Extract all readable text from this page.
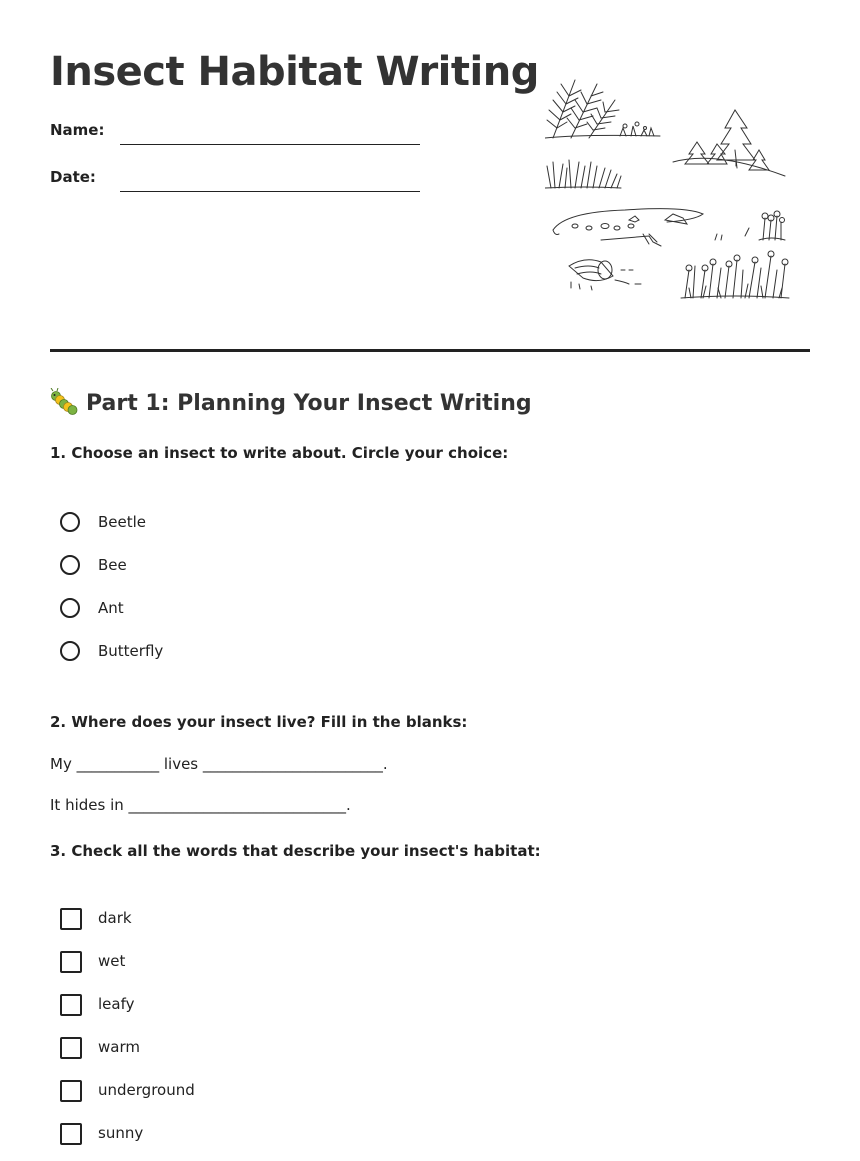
Insect Habitat Writing
Name:
Date:
Part 1: Planning Your Insect Writing
1. Choose an insect to write about. Circle your choice:
Beetle
Bee
Ant
Butterfly
2. Where does your insect live? Fill in the blanks:
My ___________ lives ________________________.
It hides in _____________________________.
3. Check all the words that describe your insect's habitat:
dark
wet
leafy
warm
underground
sunny
